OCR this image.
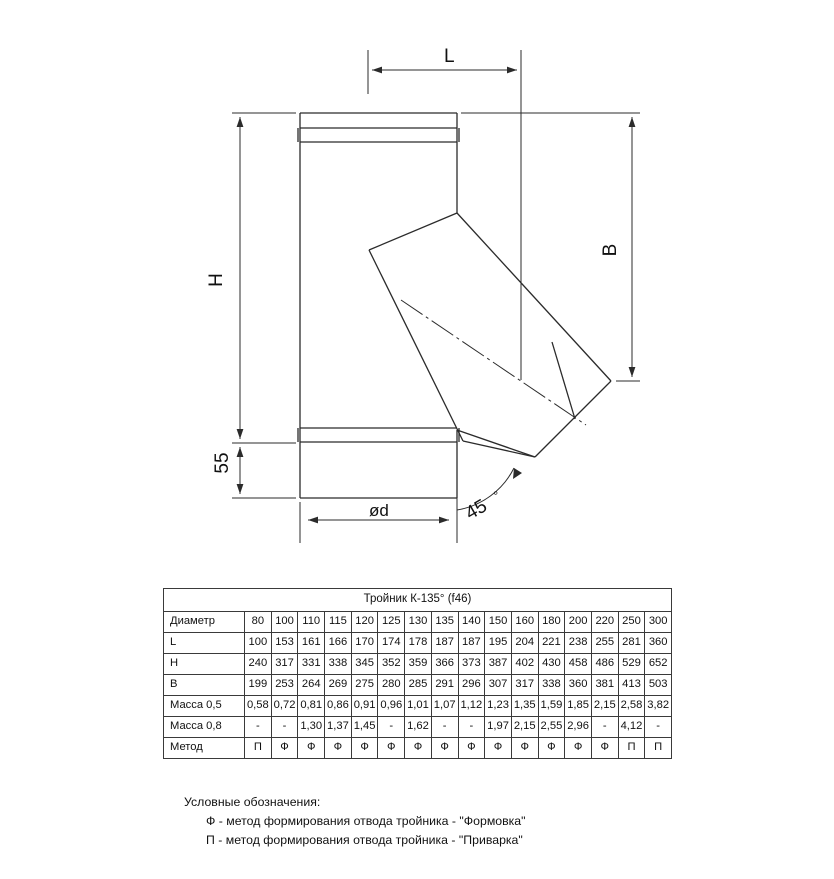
L
H
55
B
ød	45
°
Тройник К-135° (f46)																
Диаметр	80	100	110	115	120	125	130	135	140	150	160	180	200	220	250	300
L	100	153	161	166	170	174	178	187	187	195	204	221	238	255	281	360
H	240	317	331	338	345	352	359	366	373	387	402	430	458	486	529	652
B	199	253	264	269	275	280	285	291	296	307	317	338	360	381	413	503
Масса 0,5	0,58	0,72	0,81	0,86	0,91	0,96	1,01	1,07	1,12	1,23	1,35	1,59	1,85	2,15	2,58	3,82
Масса 0,8	-	-	1,30	1,37	1,45	-	1,62	-	-	1,97	2,15	2,55	2,96	-	4,12	-
Метод	П	Ф	Ф	Ф	Ф	Ф	Ф	Ф	Ф	Ф	Ф	Ф	Ф	Ф	П	П
Условные обозначения:
Ф - метод формирования отвода тройника - "Формовка"
П - метод формирования отвода тройника - "Приварка"
